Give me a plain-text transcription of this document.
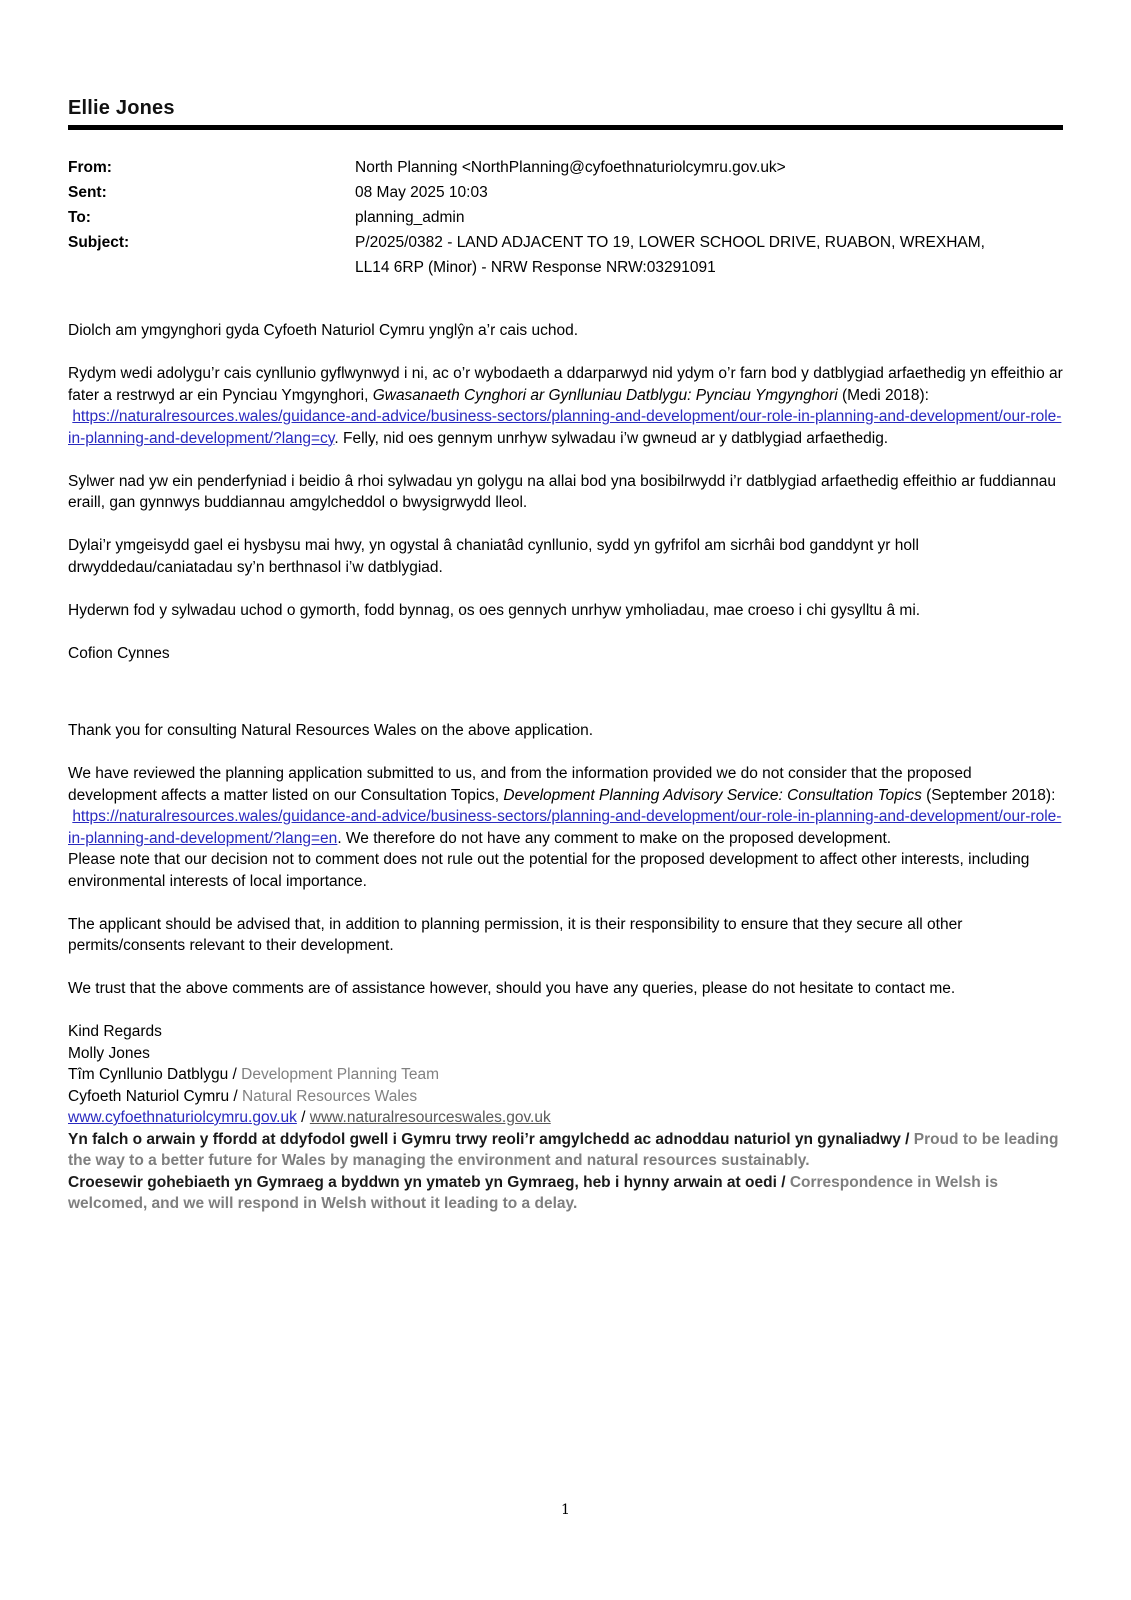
Ellie Jones
From:	North Planning <NorthPlanning@cyfoethnaturiolcymru.gov.uk>
Sent:	08 May 2025 10:03
To:	planning_admin
Subject:	P/2025/0382 - LAND ADJACENT TO 19, LOWER SCHOOL DRIVE, RUABON, WREXHAM, LL14 6RP (Minor) - NRW Response NRW:03291091

Diolch am ymgynghori gyda Cyfoeth Naturiol Cymru ynglŷn a’r cais uchod.

Rydym wedi adolygu’r cais cynllunio gyflwynwyd i ni, ac o’r wybodaeth a ddarparwyd nid ydym o’r farn bod y datblygiad arfaethedig yn effeithio ar fater a restrwyd ar ein Pynciau Ymgynghori, Gwasanaeth Cynghori ar Gynlluniau Datblygu: Pynciau Ymgynghori (Medi 2018):  https://naturalresources.wales/guidance-and-advice/business-sectors/planning-and-development/our-role-in-planning-and-development/our-role-in-planning-and-development/?lang=cy. Felly, nid oes gennym unrhyw sylwadau i’w gwneud ar y datblygiad arfaethedig.

Sylwer nad yw ein penderfyniad i beidio â rhoi sylwadau yn golygu na allai bod yna bosibilrwydd i’r datblygiad arfaethedig effeithio ar fuddiannau eraill, gan gynnwys buddiannau amgylcheddol o bwysigrwydd lleol.

Dylai’r ymgeisydd gael ei hysbysu mai hwy, yn ogystal â chaniatâd cynllunio, sydd yn gyfrifol am sicrhâi bod ganddynt yr holl drwyddedau/caniatadau sy’n berthnasol i’w datblygiad.

Hyderwn fod y sylwadau uchod o gymorth, fodd bynnag, os oes gennych unrhyw ymholiadau, mae croeso i chi gysylltu â mi.

Cofion Cynnes

Thank you for consulting Natural Resources Wales on the above application.

We have reviewed the planning application submitted to us, and from the information provided we do not consider that the proposed development affects a matter listed on our Consultation Topics, Development Planning Advisory Service: Consultation Topics (September 2018):  https://naturalresources.wales/guidance-and-advice/business-sectors/planning-and-development/our-role-in-planning-and-development/our-role-in-planning-and-development/?lang=en. We therefore do not have any comment to make on the proposed development.
Please note that our decision not to comment does not rule out the potential for the proposed development to affect other interests, including environmental interests of local importance.

The applicant should be advised that, in addition to planning permission, it is their responsibility to ensure that they secure all other permits/consents relevant to their development.

We trust that the above comments are of assistance however, should you have any queries, please do not hesitate to contact me.

Kind Regards
Molly Jones
Tîm Cynllunio Datblygu / Development Planning Team
Cyfoeth Naturiol Cymru / Natural Resources Wales
www.cyfoethnaturiolcymru.gov.uk / www.naturalresourceswales.gov.uk
Yn falch o arwain y ffordd at ddyfodol gwell i Gymru trwy reoli’r amgylchedd ac adnoddau naturiol yn gynaliadwy / Proud to be leading the way to a better future for Wales by managing the environment and natural resources sustainably.
Croesewir gohebiaeth yn Gymraeg a byddwn yn ymateb yn Gymraeg, heb i hynny arwain at oedi / Correspondence in Welsh is welcomed, and we will respond in Welsh without it leading to a delay.

1
